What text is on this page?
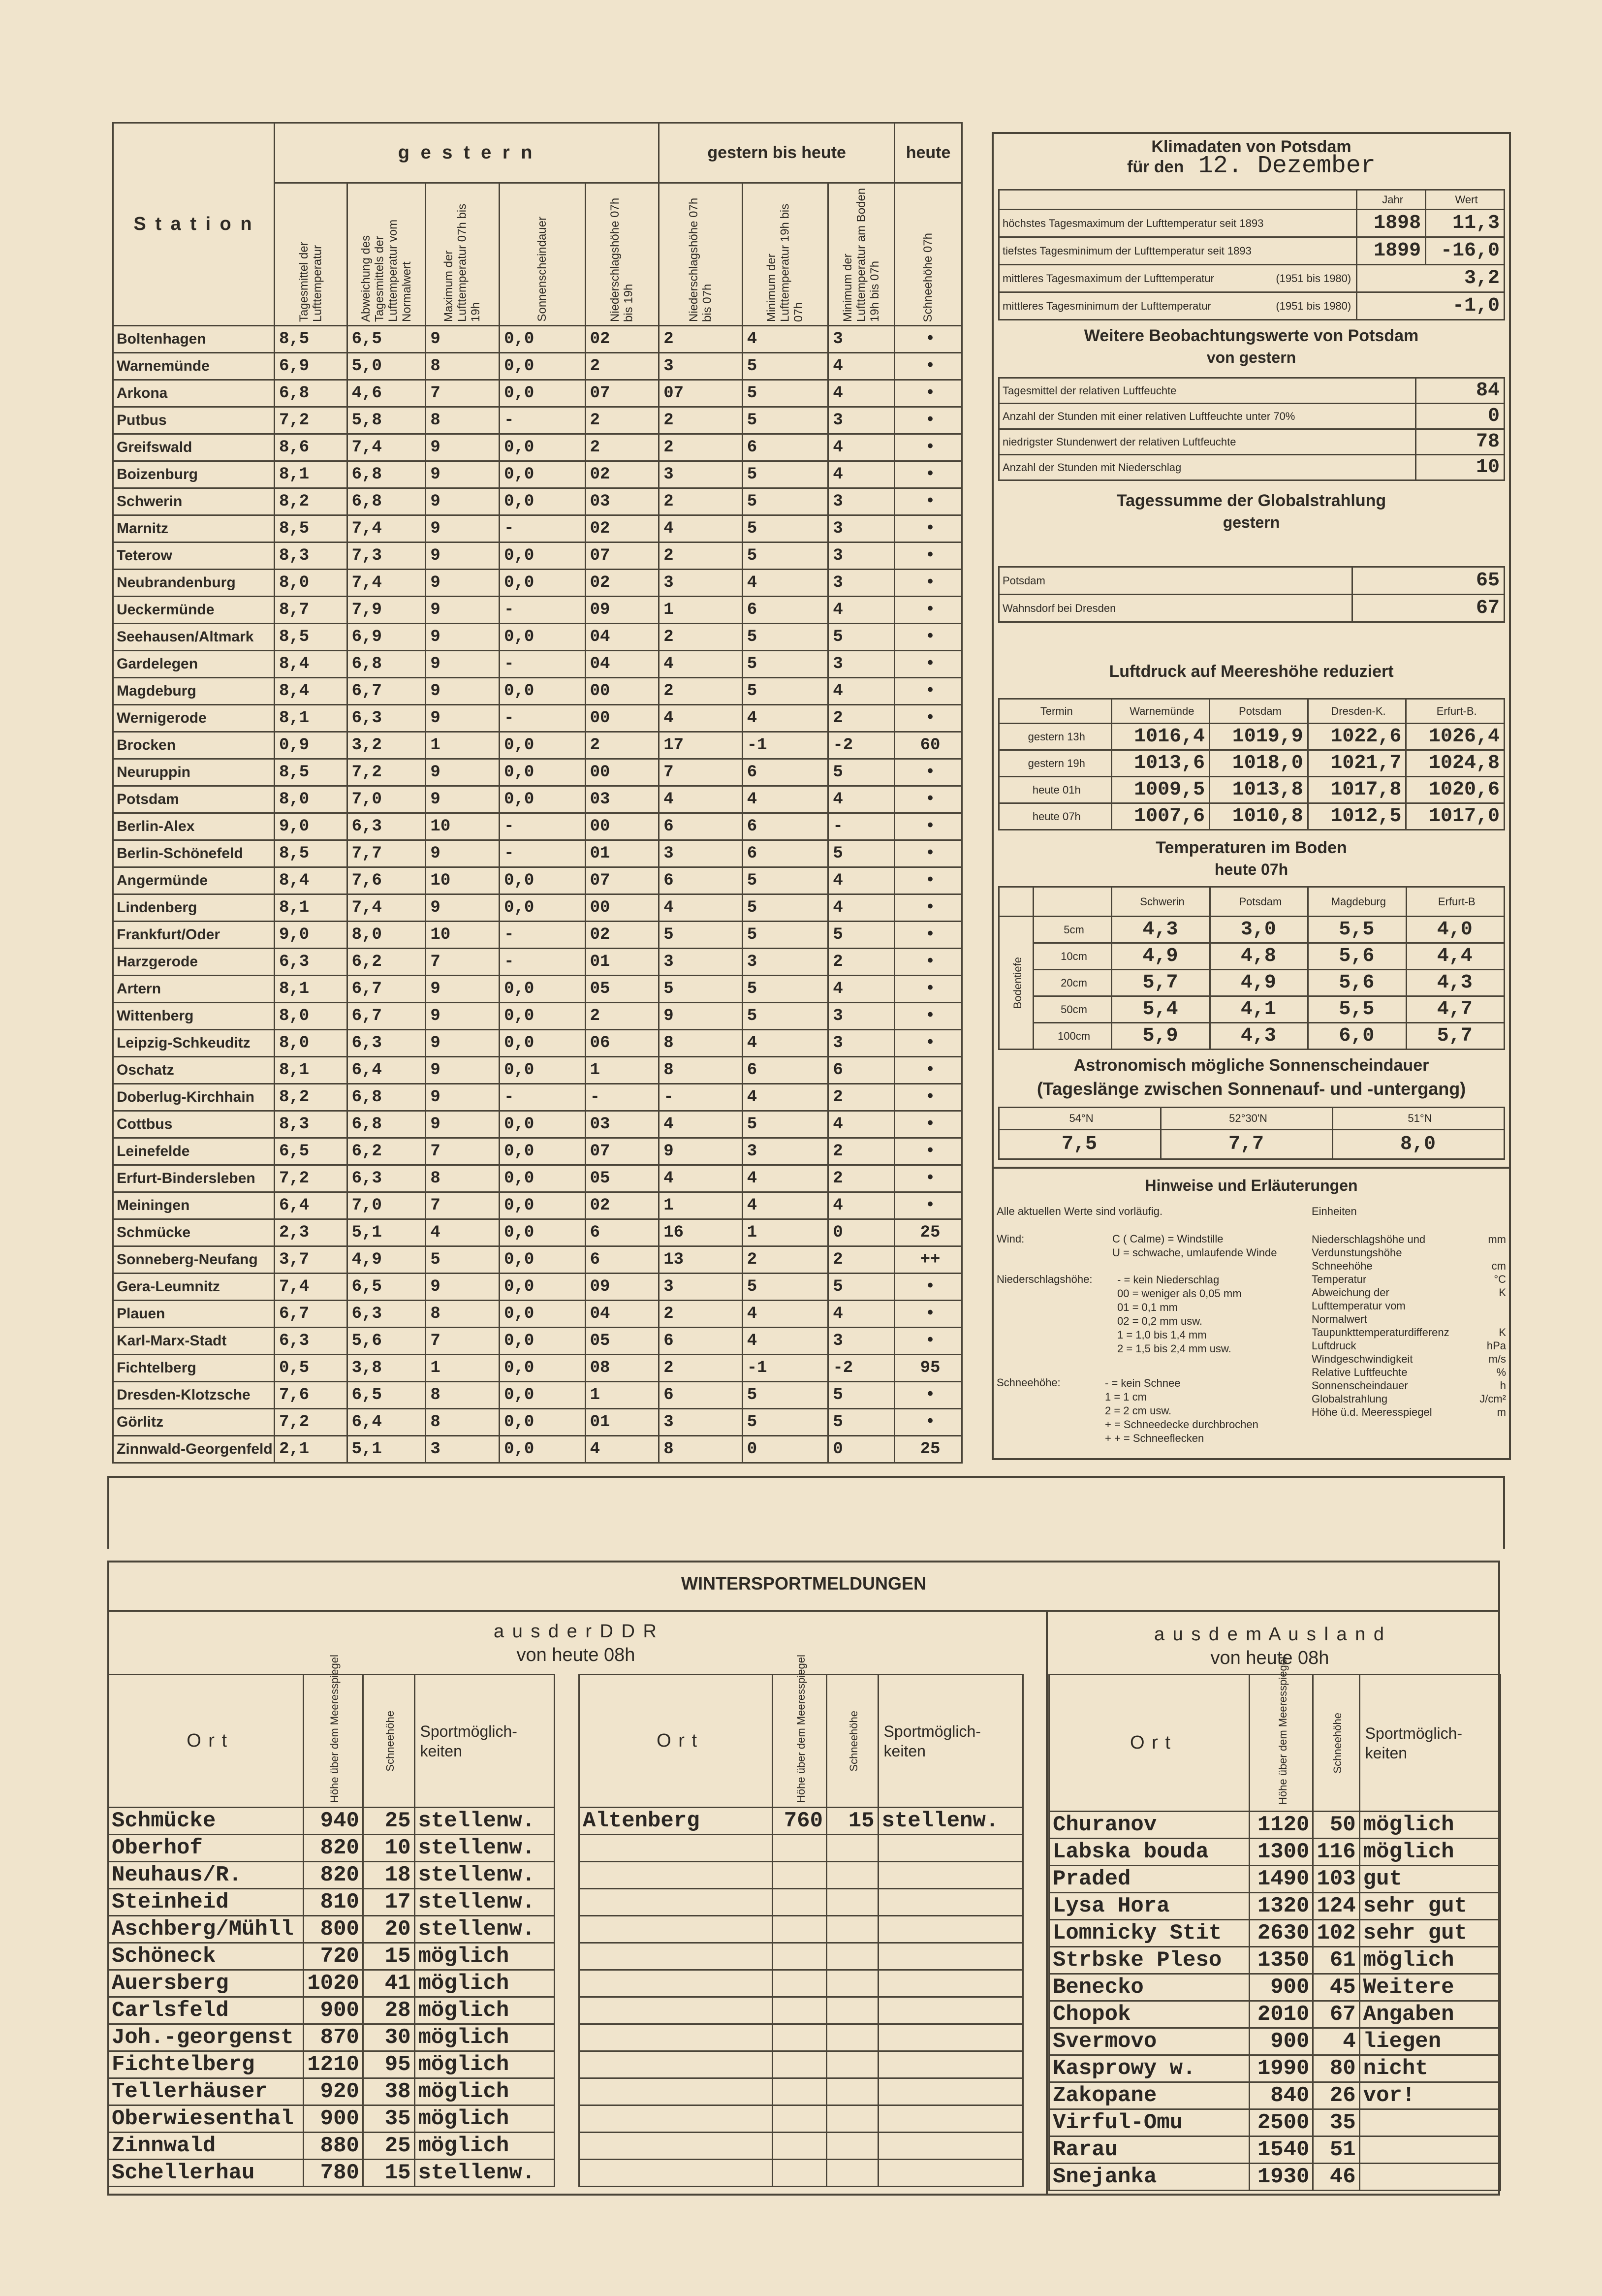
S t a t i o n	g e s t e r n					gestern bis heute			heute

	Tagesmittel der Lufttemperatur	Abweichung des Tagesmittels der Lufttemperatur vom Normalwert	Maximum der Lufttemperatur 07h bis 19h	Sonnenscheindauer	Niederschlagshöhe 07h bis 19h	Niederschlagshöhe 07h bis 07h	Minimum der Lufttemperatur 19h bis 07h	Minimum der Lufttemperatur am Boden 19h bis 07h	Schneehöhe 07h

Boltenhagen	8,5	6,5	9	0,0	02	2	4	3	•
Warnemünde	6,9	5,0	8	0,0	2	3	5	4	•
Arkona	6,8	4,6	7	0,0	07	07	5	4	•
Putbus	7,2	5,8	8	-	2	2	5	3	•
Greifswald	8,6	7,4	9	0,0	2	2	6	4	•
Boizenburg	8,1	6,8	9	0,0	02	3	5	4	•
Schwerin	8,2	6,8	9	0,0	03	2	5	3	•
Marnitz	8,5	7,4	9	-	02	4	5	3	•
Teterow	8,3	7,3	9	0,0	07	2	5	3	•
Neubrandenburg	8,0	7,4	9	0,0	02	3	4	3	•
Ueckermünde	8,7	7,9	9	-	09	1	6	4	•
Seehausen/Altmark	8,5	6,9	9	0,0	04	2	5	5	•
Gardelegen	8,4	6,8	9	-	04	4	5	3	•
Magdeburg	8,4	6,7	9	0,0	00	2	5	4	•
Wernigerode	8,1	6,3	9	-	00	4	4	2	•
Brocken	0,9	3,2	1	0,0	2	17	-1	-2	60
Neuruppin	8,5	7,2	9	0,0	00	7	6	5	•
Potsdam	8,0	7,0	9	0,0	03	4	4	4	•
Berlin-Alex	9,0	6,3	10	-	00	6	6	-	•
Berlin-Schönefeld	8,5	7,7	9	-	01	3	6	5	•
Angermünde	8,4	7,6	10	0,0	07	6	5	4	•
Lindenberg	8,1	7,4	9	0,0	00	4	5	4	•
Frankfurt/Oder	9,0	8,0	10	-	02	5	5	5	•
Harzgerode	6,3	6,2	7	-	01	3	3	2	•
Artern	8,1	6,7	9	0,0	05	5	5	4	•
Wittenberg	8,0	6,7	9	0,0	2	9	5	3	•
Leipzig-Schkeuditz	8,0	6,3	9	0,0	06	8	4	3	•
Oschatz	8,1	6,4	9	0,0	1	8	6	6	•
Doberlug-Kirchhain	8,2	6,8	9	-	-	-	4	2	•
Cottbus	8,3	6,8	9	0,0	03	4	5	4	•
Leinefelde	6,5	6,2	7	0,0	07	9	3	2	•
Erfurt-Bindersleben	7,2	6,3	8	0,0	05	4	4	2	•
Meiningen	6,4	7,0	7	0,0	02	1	4	4	•
Schmücke	2,3	5,1	4	0,0	6	16	1	0	25
Sonneberg-Neufang	3,7	4,9	5	0,0	6	13	2	2	++
Gera-Leumnitz	7,4	6,5	9	0,0	09	3	5	5	•
Plauen	6,7	6,3	8	0,0	04	2	4	4	•
Karl-Marx-Stadt	6,3	5,6	7	0,0	05	6	4	3	•
Fichtelberg	0,5	3,8	1	0,0	08	2	-1	-2	95
Dresden-Klotzsche	7,6	6,5	8	0,0	1	6	5	5	•
Görlitz	7,2	6,4	8	0,0	01	3	5	5	•
Zinnwald-Georgenfeld	2,1	5,1	3	0,0	4	8	0	0	25
Klimadaten von Potsdam
für den 12. Dezember
	Jahr	Wert
höchstes Tagesmaximum der Lufttemperatur seit 1893	1898	11,3
tiefstes Tagesminimum der Lufttemperatur seit 1893	1899	-16,0
mittleres Tagesmaximum der Lufttemperatur (1951 bis 1980)	3,2	
mittleres Tagesminimum der Lufttemperatur (1951 bis 1980)	-1,0	
Weitere Beobachtungswerte von Potsdam
von gestern
Tagesmittel der relativen Luftfeuchte	84
Anzahl der Stunden mit einer relativen Luftfeuchte unter 70%	0
niedrigster Stundenwert der relativen Luftfeuchte	78
Anzahl der Stunden mit Niederschlag	10
Tagessumme der Globalstrahlung
gestern
Potsdam	65
Wahnsdorf bei Dresden	67
Luftdruck auf Meereshöhe reduziert
Termin	Warnemünde	Potsdam	Dresden-K.	Erfurt-B.
gestern 13h	1016,4	1019,9	1022,6	1026,4
gestern 19h	1013,6	1018,0	1021,7	1024,8
heute 01h	1009,5	1013,8	1017,8	1020,6
heute 07h	1007,6	1010,8	1012,5	1017,0
Temperaturen im Boden
heute 07h
		Schwerin	Potsdam	Magdeburg	Erfurt-B

Bodentiefe	5cm	4,3	3,0	5,5	4,0
	10cm	4,9	4,8	5,6	4,4
	20cm	5,7	4,9	5,6	4,3
	50cm	5,4	4,1	5,5	4,7
	100cm	5,9	4,3	6,0	5,7
Astronomisch mögliche Sonnenscheindauer
(Tageslänge zwischen Sonnenauf- und -untergang)
54°N	52°30'N	51°N
7,5	7,7	8,0
Hinweise und Erläuterungen
Alle aktuellen Werte sind vorläufig.	Einheiten
Wind:	C ( Calme) = Windstille
U = schwache, umlaufende Winde
Niederschlagshöhe: - = kein Niederschlag
00 = weniger als 0,05 mm
01 = 0,1 mm
02 = 0,2 mm usw.
1 = 1,0 bis 1,4 mm
2 = 1,5 bis 2,4 mm usw.
Schneehöhe:	- = kein Schnee
1 = 1 cm
2 = 2 cm usw.
+ = Schneedecke durchbrochen
+ + = Schneeflecken
Niederschlagshöhe und Verdunstungshöhe
mm
Schneehöhe	cm
Temperatur	°C
Abweichung der Lufttemperatur vom Normalwert
K
Taupunkttemperaturdifferenz	K
Luftdruck	hPa
Windgeschwindigkeit	m/s
Relative Luftfeuchte	%
Sonnenscheindauer	h
Globalstrahlung	J/cm²
Höhe ü.d. Meeresspiegel	m
WINTERSPORTMELDUNGEN
a u s d e r D D R
von heute 08h
a u s d e m A u s l a n d
von heute 08h
O r t	Höhe über dem Meeresspiegel	Schneehöhe	Sportmöglich-keiten
Schmücke	940	25	stellenw.
Oberhof	820	10	stellenw.
Neuhaus/R.	820	18	stellenw.
Steinheid	810	17	stellenw.
Aschberg/Mühll	800	20	stellenw.
Schöneck	720	15	möglich
Auersberg	1020	41	möglich
Carlsfeld	900	28	möglich
Joh.-georgenst	870	30	möglich
Fichtelberg	1210	95	möglich
Tellerhäuser	920	38	möglich
Oberwiesenthal	900	35	möglich
Zinnwald	880	25	möglich
Schellerhau	780	15	stellenw.
O r t	Höhe über dem Meeresspiegel	Schneehöhe	Sportmöglich-keiten
Altenberg	760	15	stellenw.

O r t	Höhe über dem Meeresspiegel	Schneehöhe	Sportmöglich-keiten
Churanov	1120	50	möglich
Labska bouda	1300	116	möglich
Praded	1490	103	gut
Lysa Hora	1320	124	sehr gut
Lomnicky Stit	2630	102	sehr gut
Strbske Pleso	1350	61	möglich
Benecko	900	45	Weitere
Chopok	2010	67	Angaben
Svermovo	900	4	liegen
Kasprowy w.	1990	80	nicht
Zakopane	840	26	vor!
Virful-Omu	2500	35	
Rarau	1540	51	
Snejanka	1930	46	
